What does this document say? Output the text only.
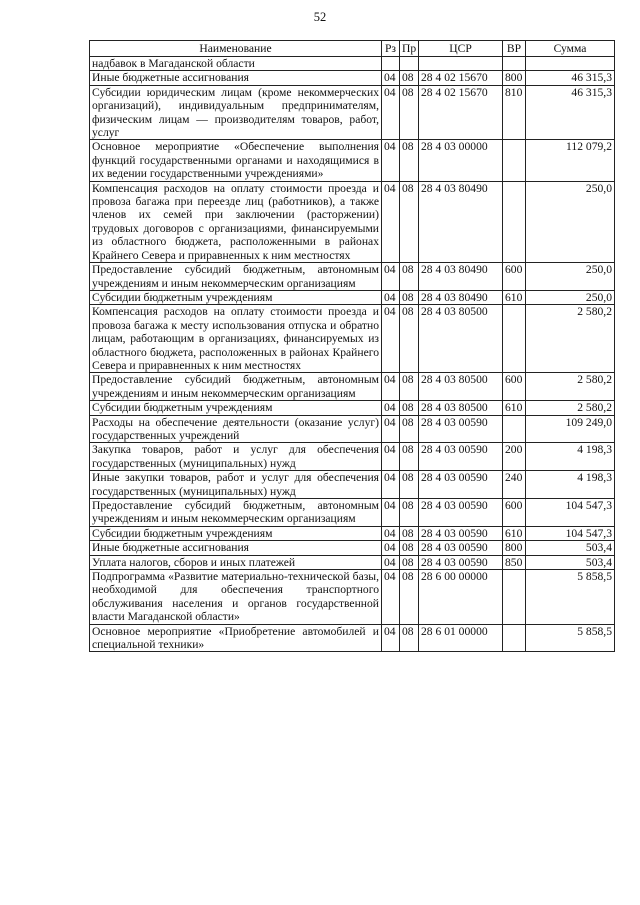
52
Наименование	Рз	Пр	ЦСР	ВР	Сумма
надбавок в Магаданской области					
Иные бюджетные ассигнования	04	08	28 4 02 15670	800	46 315,3
Субсидии юридическим лицам (кроме некоммерческих организаций), индивидуальным предпринимателям, физическим лицам — производителям товаров, работ, услуг	04	08	28 4 02 15670	810	46 315,3
Основное мероприятие «Обеспечение выполнения функций государственными органами и находящимися в их ведении государственными учреждениями»	04	08	28 4 03 00000		112 079,2
Компенсация расходов на оплату стоимости проезда и провоза багажа при переезде лиц (работников), а также членов их семей при заключении (расторжении) трудовых договоров с организациями, финансируемыми из областного бюджета, расположенными в районах Крайнего Севера и приравненных к ним местностях	04	08	28 4 03 80490		250,0
Предоставление субсидий бюджетным, автономным учреждениям и иным некоммерческим организациям	04	08	28 4 03 80490	600	250,0
Субсидии бюджетным учреждениям	04	08	28 4 03 80490	610	250,0
Компенсация расходов на оплату стоимости проезда и провоза багажа к месту использования отпуска и обратно лицам, работающим в организациях, финансируемых из областного бюджета, расположенных в районах Крайнего Севера и приравненных к ним местностях	04	08	28 4 03 80500		2 580,2
Предоставление субсидий бюджетным, автономным учреждениям и иным некоммерческим организациям	04	08	28 4 03 80500	600	2 580,2
Субсидии бюджетным учреждениям	04	08	28 4 03 80500	610	2 580,2
Расходы на обеспечение деятельности (оказание услуг) государственных учреждений	04	08	28 4 03 00590		109 249,0
Закупка товаров, работ и услуг для обеспечения государственных (муниципальных) нужд	04	08	28 4 03 00590	200	4 198,3
Иные закупки товаров, работ и услуг для обеспечения государственных (муниципальных) нужд	04	08	28 4 03 00590	240	4 198,3
Предоставление субсидий бюджетным, автономным учреждениям и иным некоммерческим организациям	04	08	28 4 03 00590	600	104 547,3
Субсидии бюджетным учреждениям	04	08	28 4 03 00590	610	104 547,3
Иные бюджетные ассигнования	04	08	28 4 03 00590	800	503,4
Уплата налогов, сборов и иных платежей	04	08	28 4 03 00590	850	503,4
Подпрограмма «Развитие материально-технической базы, необходимой для обеспечения транспортного обслуживания населения и органов государственной власти Магаданской области»	04	08	28 6 00 00000		5 858,5
Основное мероприятие «Приобретение автомобилей и специальной техники»	04	08	28 6 01 00000		5 858,5
